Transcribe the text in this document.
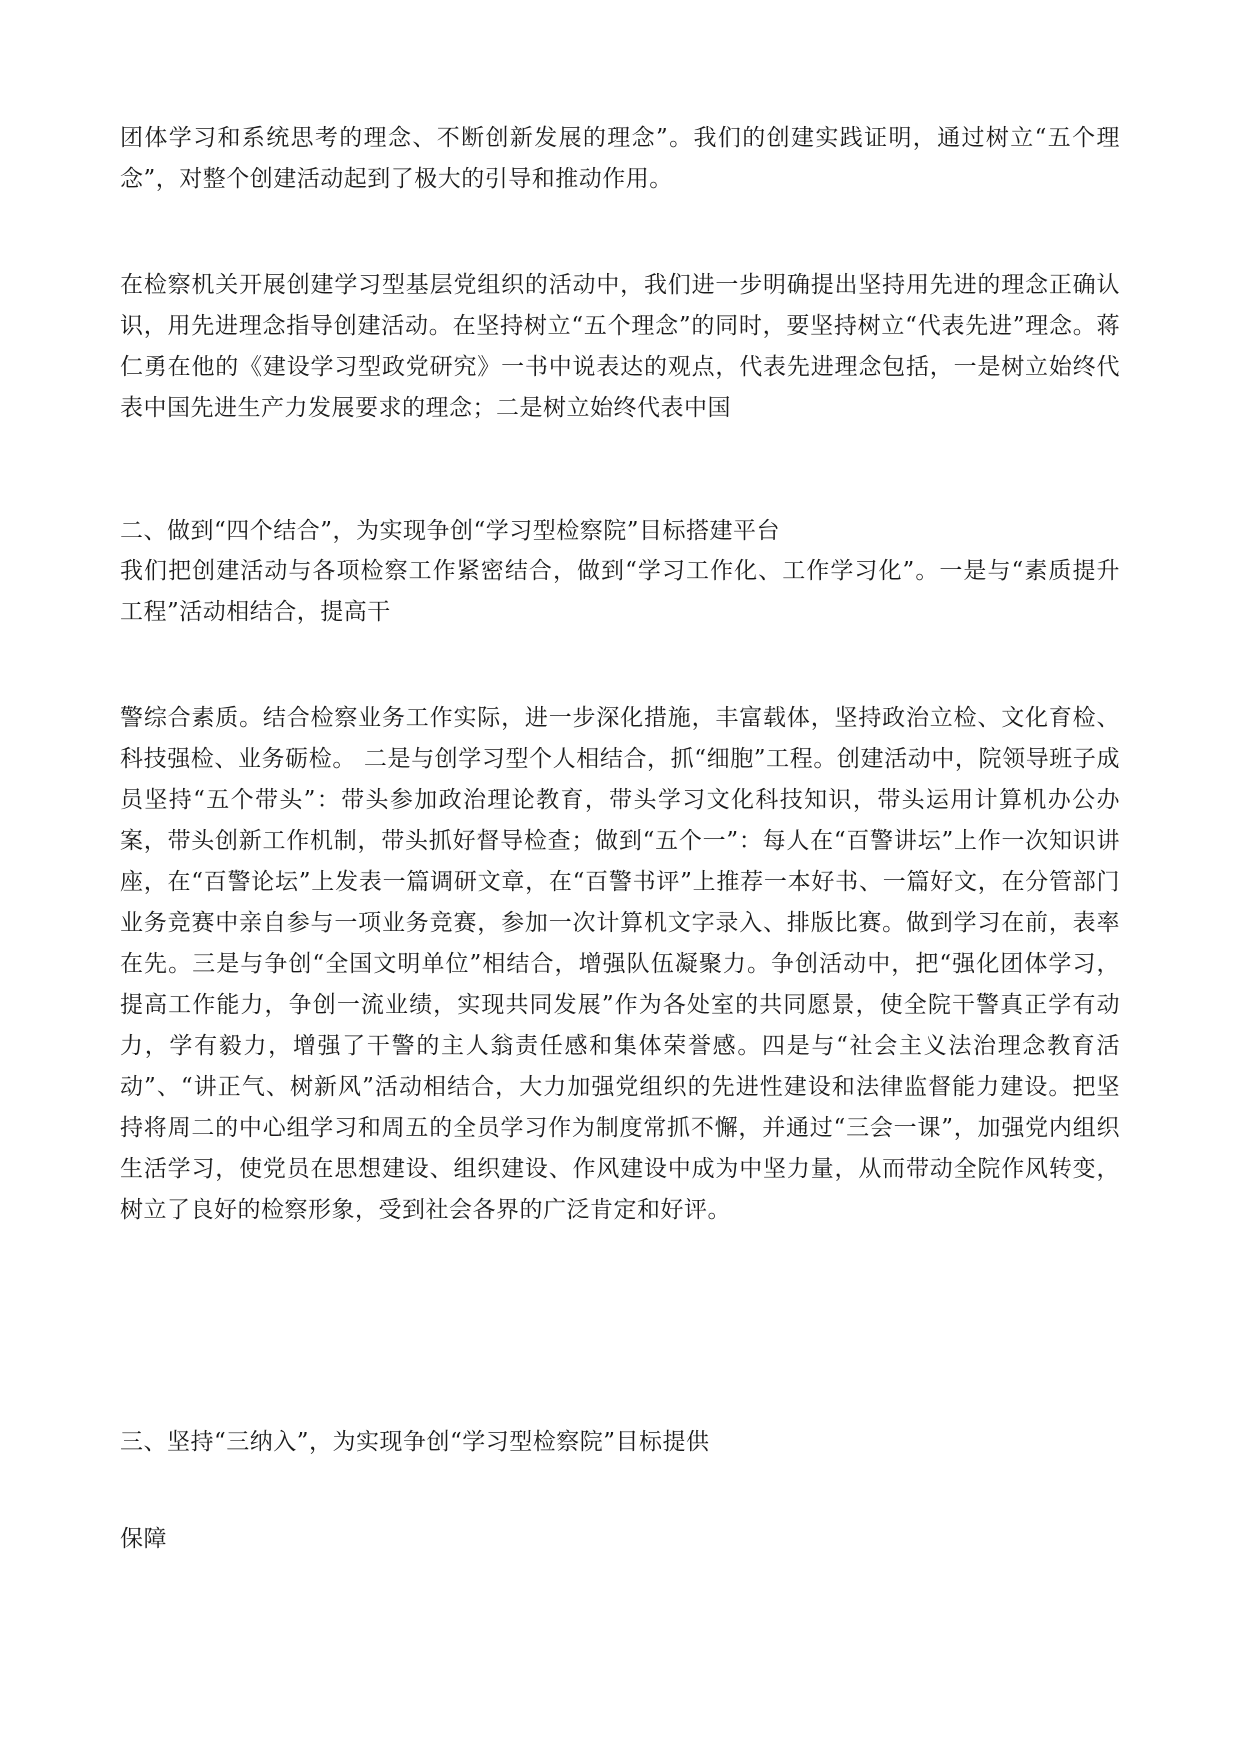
团体学习和系统思考的理念、不断创新发展的理念”。我们的创建实践证明，通过树立“五个理念”，对整个创建活动起到了极大的引导和推动作用。

在检察机关开展创建学习型基层党组织的活动中，我们进一步明确提出坚持用先进的理念正确认识，用先进理念指导创建活动。在坚持树立“五个理念”的同时，要坚持树立“代表先进”理念。蒋仁勇在他的《建设学习型政党研究》一书中说表达的观点，代表先进理念包括，一是树立始终代表中国先进生产力发展要求的理念；二是树立始终代表中国

二、做到“四个结合”，为实现争创“学习型检察院”目标搭建平台

我们把创建活动与各项检察工作紧密结合，做到“学习工作化、工作学习化”。一是与“素质提升工程”活动相结合，提高干

警综合素质。结合检察业务工作实际，进一步深化措施，丰富载体，坚持政治立检、文化育检、科技强检、业务砺检。 二是与创学习型个人相结合，抓“细胞”工程。创建活动中，院领导班子成员坚持“五个带头”：带头参加政治理论教育，带头学习文化科技知识，带头运用计算机办公办案，带头创新工作机制，带头抓好督导检查；做到“五个一”：每人在“百警讲坛”上作一次知识讲座，在“百警论坛”上发表一篇调研文章，在“百警书评”上推荐一本好书、一篇好文，在分管部门业务竞赛中亲自参与一项业务竞赛，参加一次计算机文字录入、排版比赛。做到学习在前，表率在先。三是与争创“全国文明单位”相结合，增强队伍凝聚力。争创活动中，把“强化团体学习，提高工作能力，争创一流业绩，实现共同发展”作为各处室的共同愿景，使全院干警真正学有动力，学有毅力，增强了干警的主人翁责任感和集体荣誉感。四是与“社会主义法治理念教育活动”、“讲正气、树新风”活动相结合，大力加强党组织的先进性建设和法律监督能力建设。把坚持将周二的中心组学习和周五的全员学习作为制度常抓不懈，并通过“三会一课”，加强党内组织生活学习，使党员在思想建设、组织建设、作风建设中成为中坚力量，从而带动全院作风转变，树立了良好的检察形象，受到社会各界的广泛肯定和好评。

三、坚持“三纳入”，为实现争创“学习型检察院”目标提供

保障
